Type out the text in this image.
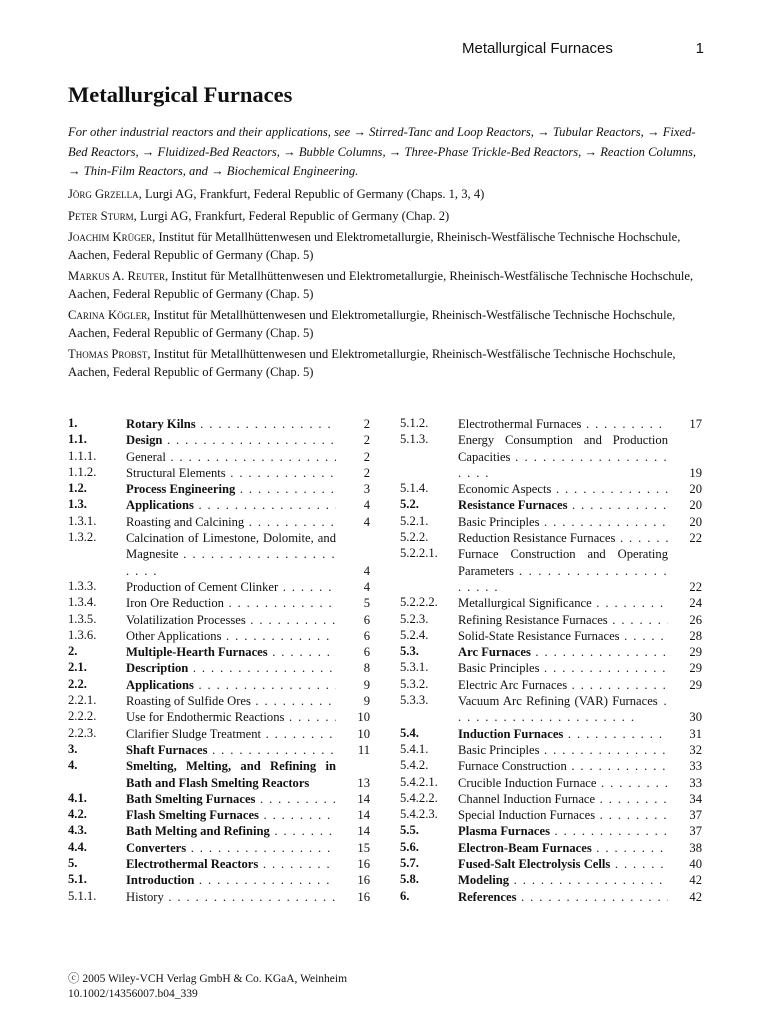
Metallurgical Furnaces	1
Metallurgical Furnaces
For other industrial reactors and their applications, see → Stirred-Tanc and Loop Reactors, → Tubular Reactors, → Fixed-Bed Reactors, → Fluidized-Bed Reactors, → Bubble Columns, → Three-Phase Trickle-Bed Reactors, → Reaction Columns, → Thin-Film Reactors, and → Biochemical Engineering.
Jörg Grzella, Lurgi AG, Frankfurt, Federal Republic of Germany (Chaps. 1, 3, 4)
Peter Sturm, Lurgi AG, Frankfurt, Federal Republic of Germany (Chap. 2)
Joachim Krüger, Institut für Metallhüttenwesen und Elektrometallurgie, Rheinisch-Westfälische Technische Hochschule, Aachen, Federal Republic of Germany (Chap. 5)
Markus A. Reuter, Institut für Metallhüttenwesen und Elektrometallurgie, Rheinisch-Westfälische Technische Hochschule, Aachen, Federal Republic of Germany (Chap. 5)
Carina Kögler, Institut für Metallhüttenwesen und Elektrometallurgie, Rheinisch-Westfälische Technische Hochschule, Aachen, Federal Republic of Germany (Chap. 5)
Thomas Probst, Institut für Metallhüttenwesen und Elektrometallurgie, Rheinisch-Westfälische Technische Hochschule, Aachen, Federal Republic of Germany (Chap. 5)
1.	Rotary Kilns . . .	2
1.1.	Design . . .	2
1.1.1. General . . .	2
1.1.2. Structural Elements . . .	2
1.2.	Process Engineering . . .	3
1.3.	Applications . . .	4
1.3.1. Roasting and Calcining . . .	4
1.3.2. Calcination of Limestone, Dolomite, and Magnesite . . .
4
1.3.3. Production of Cement Clinker . . .	4
1.3.4. Iron Ore Reduction . . .	5
1.3.5. Volatilization Processes . . .	6
1.3.6. Other Applications . . .	6
2.	Multiple-Hearth Furnaces . . .	6
2.1.	Description . . .	8
2.2.	Applications . . .	9
2.2.1. Roasting of Sulfide Ores . . .	9
2.2.2. Use for Endothermic Reactions . . .	10
2.2.3. Clarifier Sludge Treatment . . .	10
3.	Shaft Furnaces . . .	11
4.	Smelting, Melting, and Refining in Bath and Flash Smelting Reactors	13
4.1.	Bath Smelting Furnaces . . .	14
4.2.	Flash Smelting Furnaces . . .	14
4.3.	Bath Melting and Refining . . .	14
4.4.	Converters . . .	15
5.	Electrothermal Reactors . . .	16
5.1.	Introduction . . .	16
5.1.1. History . . .	16
5.1.2. Electrothermal Furnaces . . .	17
5.1.3. Energy Consumption and Production Capacities . . .
19
5.1.4. Economic Aspects . . .	20
5.2.	Resistance Furnaces . . .	20
5.2.1. Basic Principles . . .	20
5.2.2. Reduction Resistance Furnaces . . .	22
5.2.2.1. Furnace Construction and Operating Parameters . . .
22
5.2.2.2. Metallurgical Significance . . .	24
5.2.3. Refining Resistance Furnaces . . .	26
5.2.4. Solid-State Resistance Furnaces . . .	28
5.3.	Arc Furnaces . . .	29
5.3.1. Basic Principles . . .	29
5.3.2. Electric Arc Furnaces . . .	29
5.3.3. Vacuum Arc Refining (VAR) Furnaces . . .
30
5.4.	Induction Furnaces . . .	31
5.4.1. Basic Principles . . .	32
5.4.2. Furnace Construction . . .	33
5.4.2.1. Crucible Induction Furnace . . .	33
5.4.2.2. Channel Induction Furnace . . .	34
5.4.2.3. Special Induction Furnaces . . .	37
5.5.	Plasma Furnaces . . .	37
5.6.	Electron-Beam Furnaces . . .	38
5.7.	Fused-Salt Electrolysis Cells . . .	40
5.8.	Modeling . . .	42
6.	References . . .	42
ⓒ 2005 Wiley-VCH Verlag GmbH & Co. KGaA, Weinheim
10.1002/14356007.b04_339
